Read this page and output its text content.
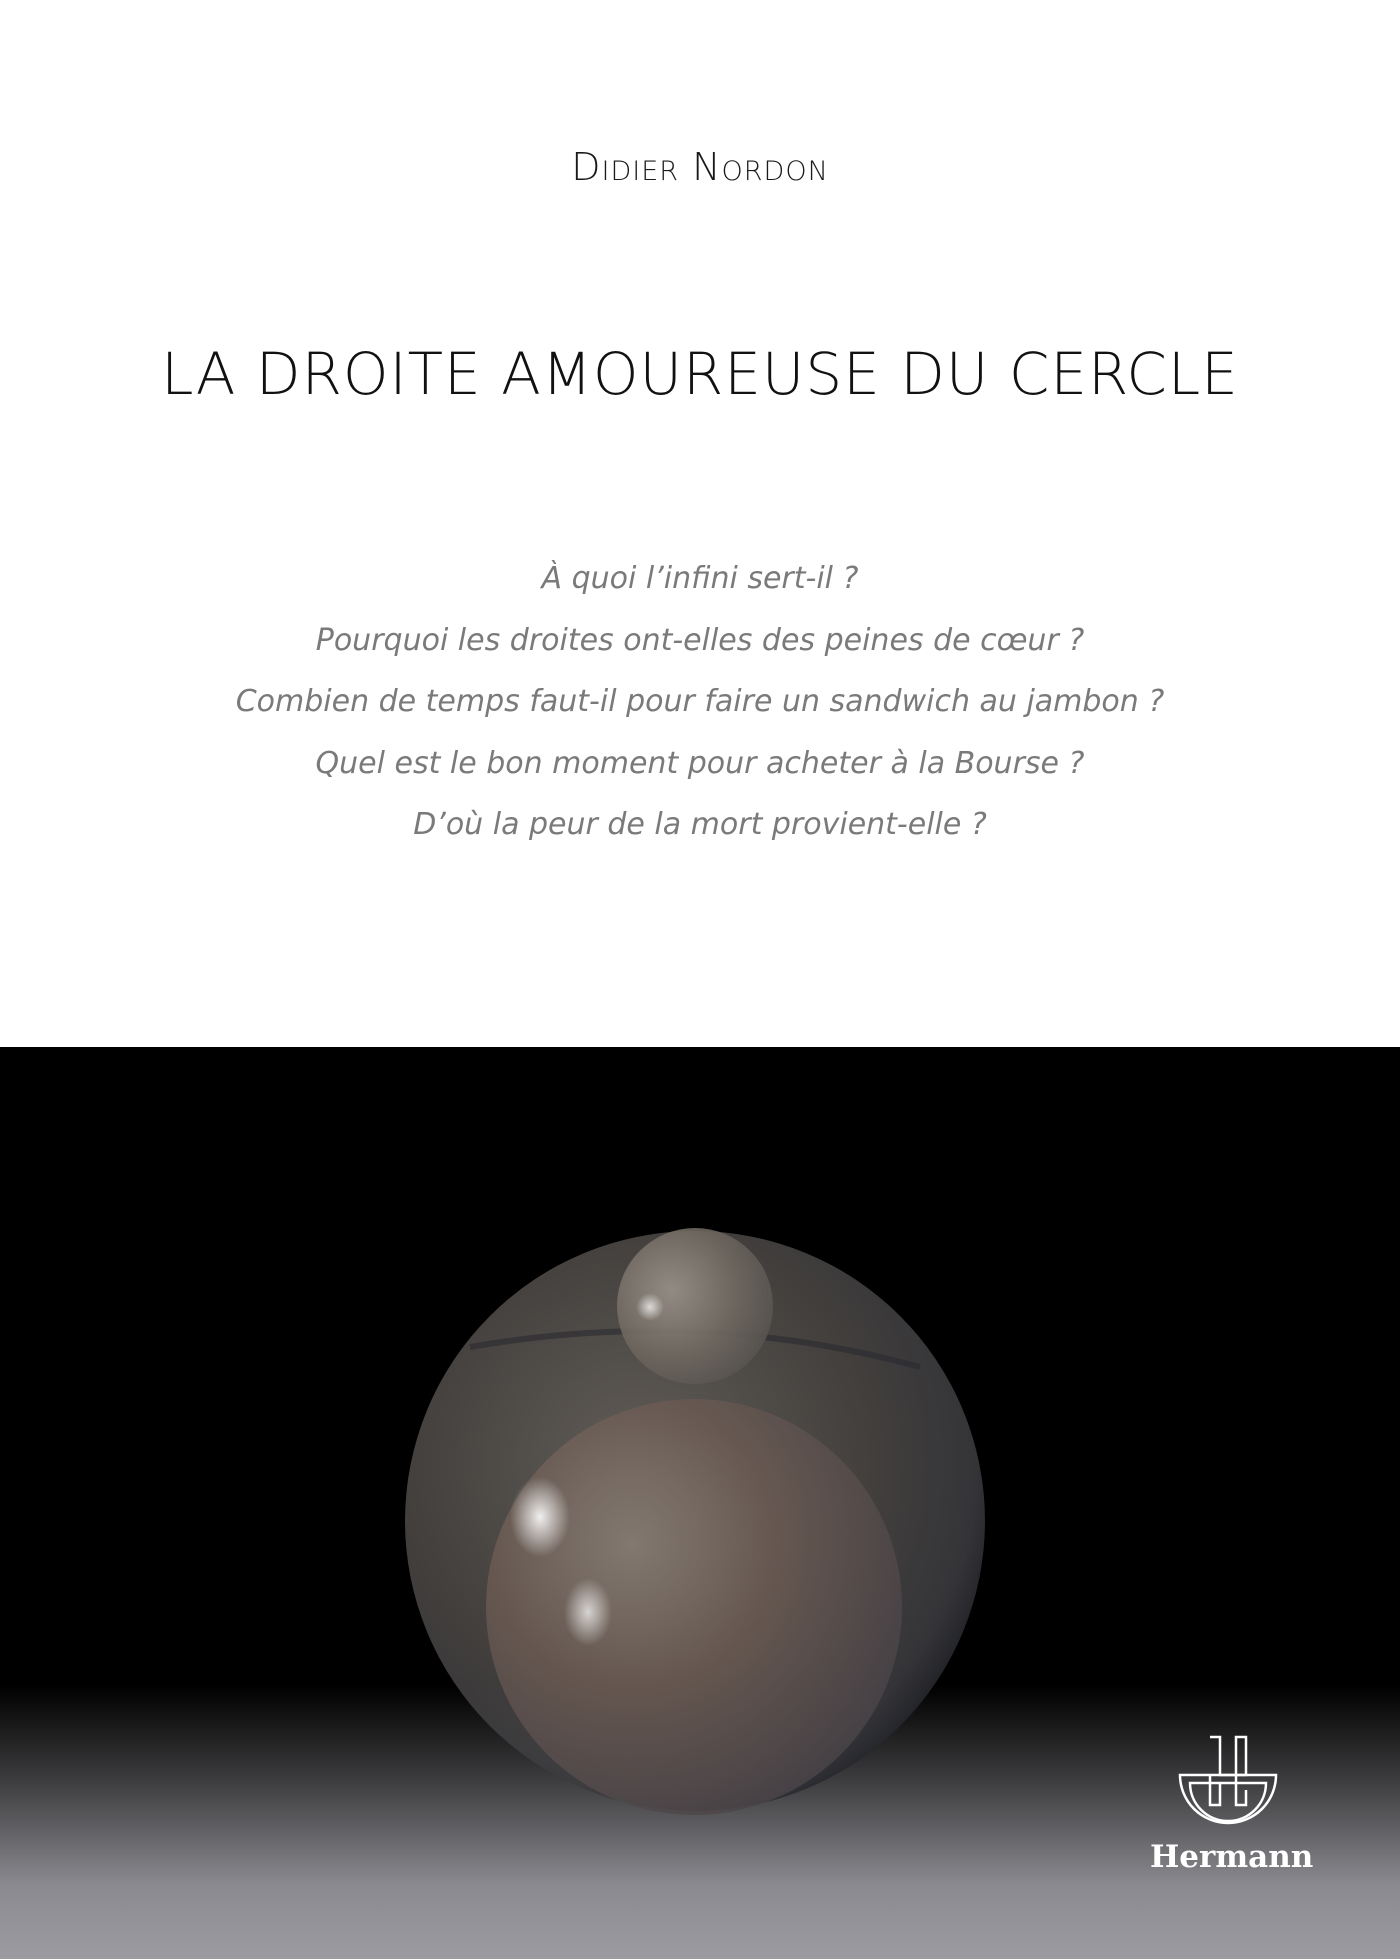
Didier Nordon
LA DROITE AMOUREUSE DU CERCLE
À quoi l’infini sert-il ?
Pourquoi les droites ont-elles des peines de cœur ?
Combien de temps faut-il pour faire un sandwich au jambon ?
Quel est le bon moment pour acheter à la Bourse ?
D’où la peur de la mort provient-elle ?
Hermann
